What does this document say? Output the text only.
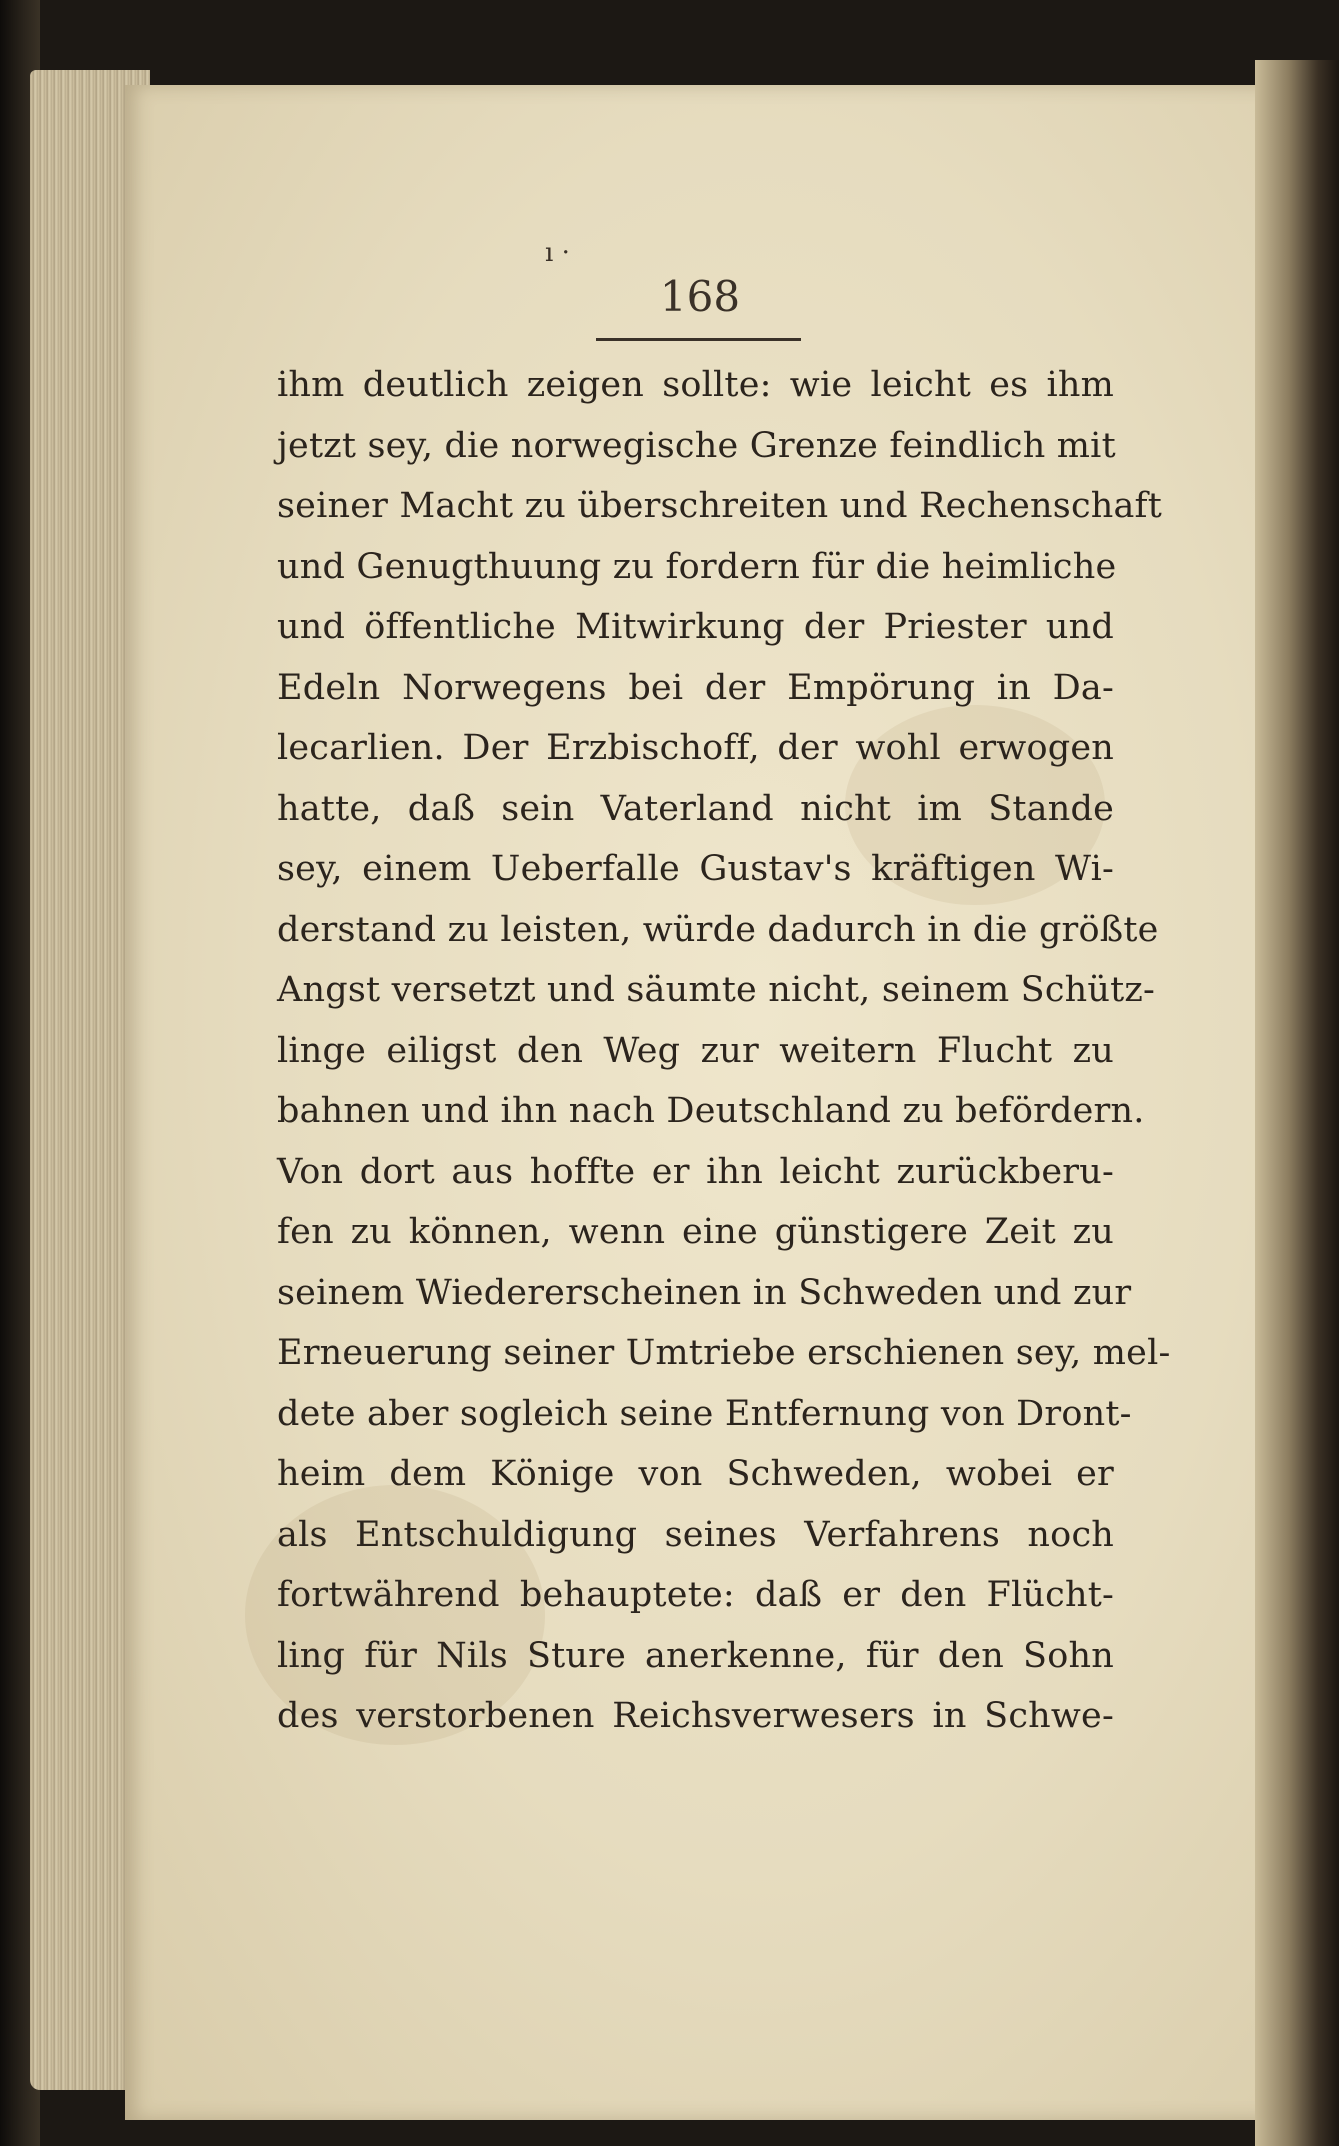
ı ·
168
ihm deutlich zeigen sollte: wie leicht es ihm
jetzt sey, die norwegische Grenze feindlich mit
seiner Macht zu überschreiten und Rechenschaft
und Genugthuung zu fordern für die heimliche
und öffentliche Mitwirkung der Priester und
Edeln Norwegens bei der Empörung in Da-
lecarlien. Der Erzbischoff, der wohl erwogen
hatte, daß sein Vaterland nicht im Stande
sey, einem Ueberfalle Gustav's kräftigen Wi-
derstand zu leisten, würde dadurch in die größte
Angst versetzt und säumte nicht, seinem Schütz-
linge eiligst den Weg zur weitern Flucht zu
bahnen und ihn nach Deutschland zu befördern.
Von dort aus hoffte er ihn leicht zurückberu-
fen zu können, wenn eine günstigere Zeit zu
seinem Wiedererscheinen in Schweden und zur
Erneuerung seiner Umtriebe erschienen sey, mel-
dete aber sogleich seine Entfernung von Dront-
heim dem Könige von Schweden, wobei er
als Entschuldigung seines Verfahrens noch
fortwährend behauptete: daß er den Flücht-
ling für Nils Sture anerkenne, für den Sohn
des verstorbenen Reichsverwesers in Schwe-
